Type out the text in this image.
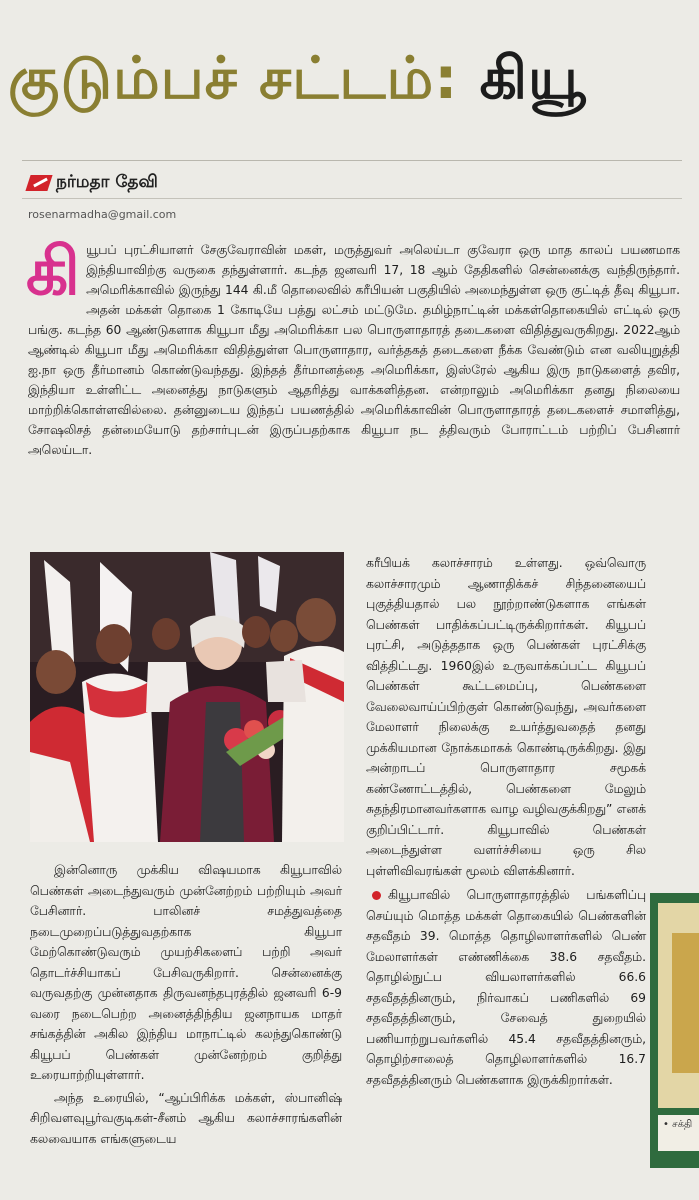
குடும்பச் சட்டம்: கியூ
நர்மதா தேவி
rosenarmadha@gmail.com
கியூபப் புரட்சியாளர் சேகுவேராவின் மகள், மருத்துவர் அலெய்டா குவேரா ஒரு மாத காலப் பயணமாக இந்தியாவிற்கு வருகை தந்துள்ளார். கடந்த ஜனவரி 17, 18 ஆம் தேதிகளில் சென்னைக்கு வந்திருந்தார். அமெரிக்காவில் இருந்து 144 கி.மீ தொலைவில் கரீபியன் பகுதியில் அமைந்துள்ள ஒரு குட்டித் தீவு கியூபா. அதன் மக்கள் தொகை 1 கோடியே பத்து லட்சம் மட்டுமே. தமிழ்நாட்டின் மக்கள்தொகையில் எட்டில் ஒரு பங்கு. கடந்த 60 ஆண்டுகளாக கியூபா மீது அமெரிக்கா பல பொருளாதாரத் தடைகளை விதித்துவருகிறது. 2022ஆம் ஆண்டில் கியூபா மீது அமெரிக்கா விதித்துள்ள பொருளாதார, வர்த்தகத் தடைகளை நீக்க வேண்டும் என வலியுறுத்தி ஐ.நா ஒரு தீர்மானம் கொண்டுவந்தது. இந்தத் தீர்மானத்தை அமெரிக்கா, இஸ்ரேல் ஆகிய இரு நாடுகளைத் தவிர, இந்தியா உள்ளிட்ட அனைத்து நாடுகளும் ஆதரித்து வாக்களித்தன. என்றாலும் அமெரிக்கா தனது நிலையை மாற்றிக்கொள்ளவில்லை. தன்னுடைய இந்தப் பயணத்தில் அமெரிக்காவின் பொருளாதாரத் தடைகளைச் சமாளித்து, சோஷலிசத் தன்மையோடு தற்சார்புடன் இருப்பதற்காக கியூபா நட த்திவரும் போராட்டம் பற்றிப் பேசினார் அலெய்டா.

இன்னொரு முக்கிய விஷயமாக கியூபாவில் பெண்கள் அடைந்துவரும் முன்னேற்றம் பற்றியும் அவர் பேசினார். பாலினச் சமத்துவத்தை நடைமுறைப்படுத்துவதற்காக கியூபா மேற்கொண்டுவரும் முயற்சிகளைப் பற்றி அவர் தொடர்ச்சியாகப் பேசிவருகிறார். சென்னைக்கு வருவதற்கு முன்னதாக திருவனந்தபுரத்தில் ஜனவரி 6-9 வரை நடைபெற்ற அனைத்திந்திய ஜனநாயக மாதர் சங்கத்தின் அகில இந்திய மாநாட்டில் கலந்துகொண்டு கியூபப் பெண்கள் முன்னேற்றம் குறித்து உரையாற்றியுள்ளார்.

அந்த உரையில், “ஆப்பிரிக்க மக்கள், ஸ்பானிஷ் சிறிவளவுபூர்வகுடிகள்-சீனம் ஆகிய கலாச்சாரங்களின் கலவையாக எங்களுடைய

கரீபியக் கலாச்சாரம் உள்ளது. ஒவ்வொரு கலாச்சாரமும் ஆணாதிக்கச் சிந்தனையைப் புகுத்தியதால் பல நூற்றாண்டுகளாக எங்கள் பெண்கள் பாதிக்கப்பட்டிருக்கிறார்கள். கியூபப் புரட்சி, அடுத்ததாக ஒரு பெண்கள் புரட்சிக்கு வித்திட்டது. 1960இல் உருவாக்கப்பட்ட கியூபப் பெண்கள் கூட்டமைப்பு, பெண்களை வேலைவாய்ப்பிற்குள் கொண்டுவந்து, அவர்களை மேலாளர் நிலைக்கு உயர்த்துவதைத் தனது முக்கியமான நோக்கமாகக் கொண்டிருக்கிறது. இது அன்றாடப் பொருளாதார சமூகக் கண்ணோட்டத்தில், பெண்களை மேலும் சுதந்திரமானவர்களாக வாழ வழிவகுக்கிறது” எனக் குறிப்பிட்டார். கியூபாவில் பெண்கள் அடைந்துள்ள வளர்ச்சியை ஒரு சில புள்ளிவிவரங்கள் மூலம் விளக்கினார்.

கியூபாவில் பொருளாதாரத்தில் பங்களிப்பு செய்யும் மொத்த மக்கள் தொகையில் பெண்களின் சதவீதம் 39. மொத்த தொழிலாளர்களில் பெண் மேலாளர்கள் எண்ணிக்கை 38.6 சதவீதம். தொழில்நுட்ப வியலாளர்களில் 66.6 சதவீதத்தினரும், நிர்வாகப் பணிகளில் 69 சதவீதத்தினரும், சேவைத் துறையில் பணியாற்றுபவர்களில் 45.4 சதவீதத்தினரும், தொழிற்சாலைத் தொழிலாளர்களில் 16.7 சதவீதத்தினரும் பெண்களாக இருக்கிறார்கள்.

• சக்தி
